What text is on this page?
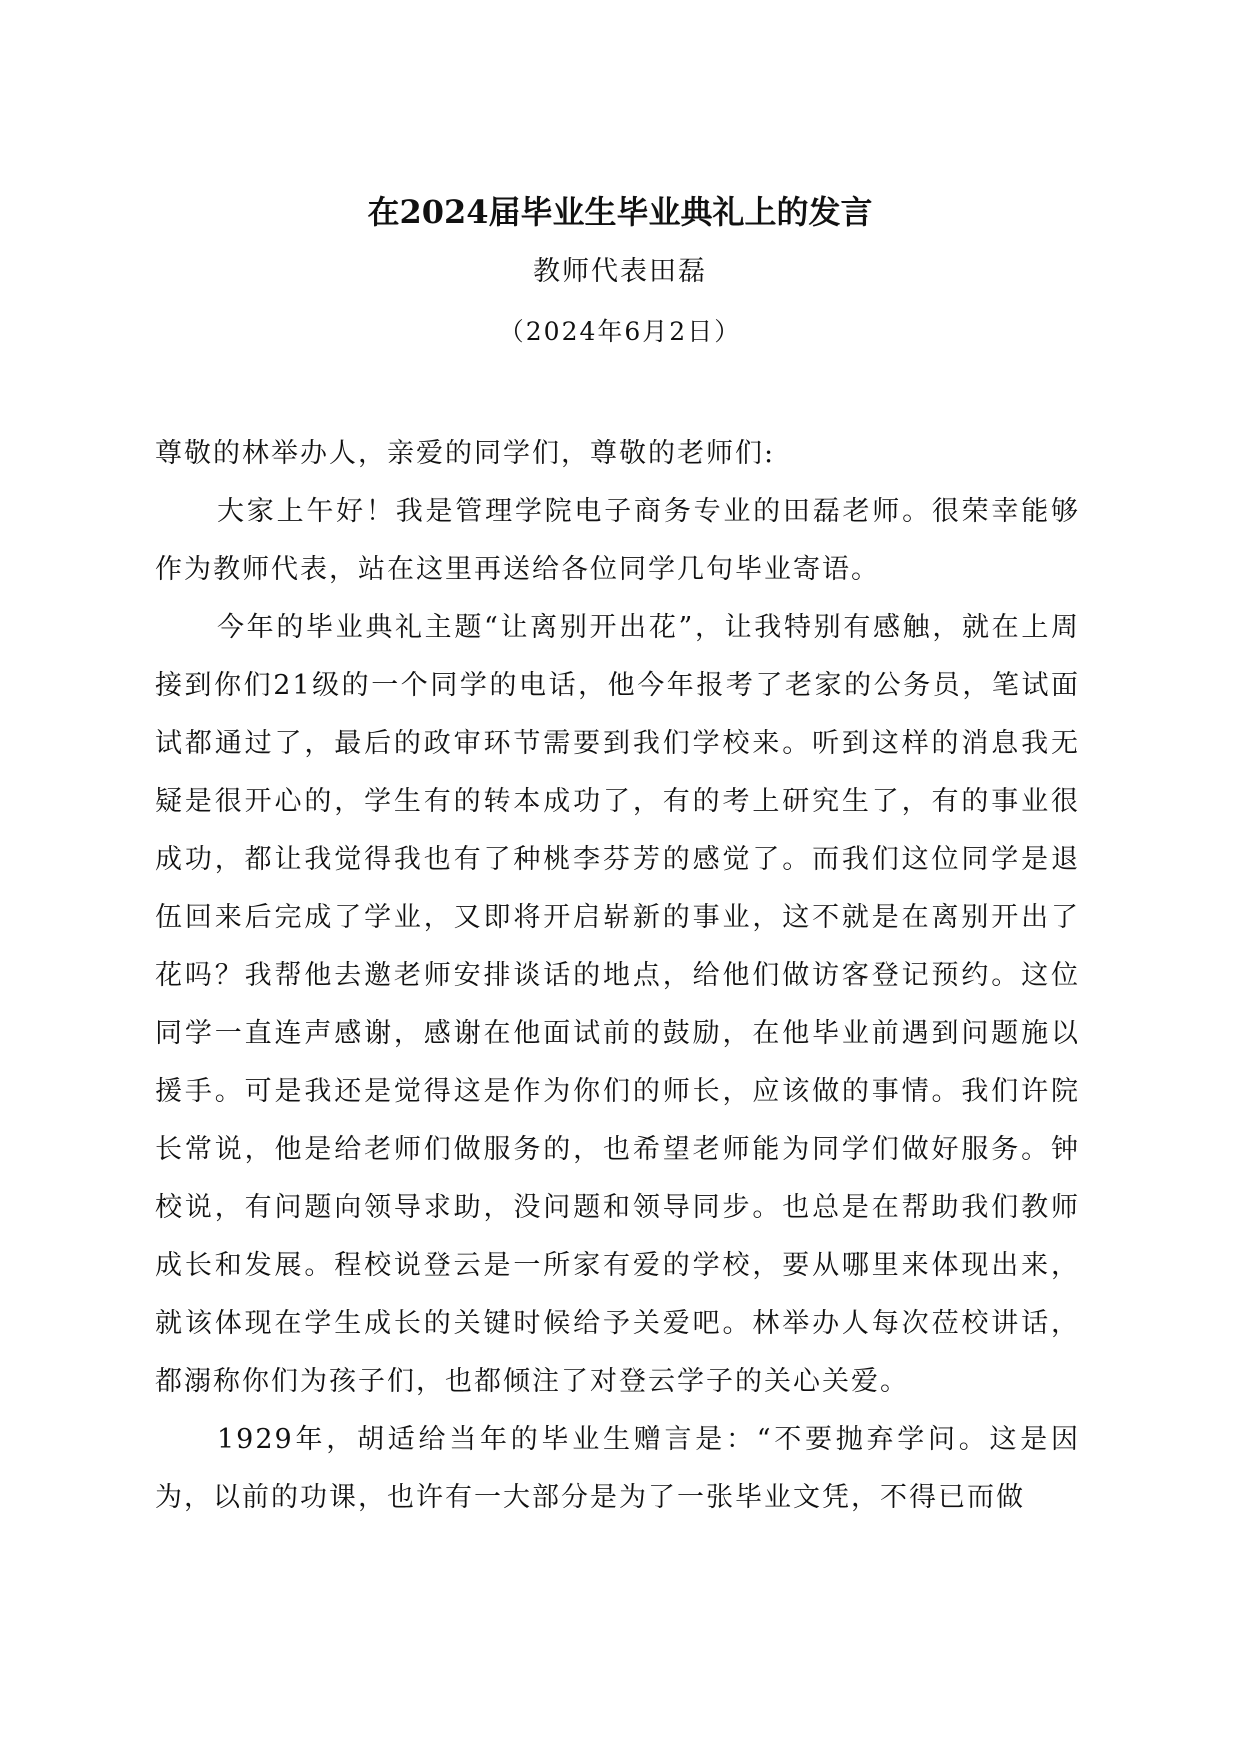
在2024届毕业生毕业典礼上的发言
教师代表田磊
（2024年6月2日）

尊敬的林举办人，亲爱的同学们，尊敬的老师们:

大家上午好！我是管理学院电子商务专业的田磊老师。很荣幸能够作为教师代表，站在这里再送给各位同学几句毕业寄语。

今年的毕业典礼主题“让离别开出花”，让我特别有感触，就在上周接到你们21级的一个同学的电话，他今年报考了老家的公务员，笔试面试都通过了，最后的政审环节需要到我们学校来。听到这样的消息我无疑是很开心的，学生有的转本成功了，有的考上研究生了，有的事业很成功，都让我觉得我也有了种桃李芬芳的感觉了。而我们这位同学是退伍回来后完成了学业，又即将开启崭新的事业，这不就是在离别开出了花吗？我帮他去邀老师安排谈话的地点，给他们做访客登记预约。这位同学一直连声感谢，感谢在他面试前的鼓励，在他毕业前遇到问题施以援手。可是我还是觉得这是作为你们的师长，应该做的事情。我们许院长常说，他是给老师们做服务的，也希望老师能为同学们做好服务。钟校说，有问题向领导求助，没问题和领导同步。也总是在帮助我们教师成长和发展。程校说登云是一所家有爱的学校，要从哪里来体现出来，就该体现在学生成长的关键时候给予关爱吧。林举办人每次莅校讲话，都溺称你们为孩子们，也都倾注了对登云学子的关心关爱。

1929年，胡适给当年的毕业生赠言是：“不要抛弃学问。这是因为，以前的功课，也许有一大部分是为了一张毕业文凭，不得已而做
